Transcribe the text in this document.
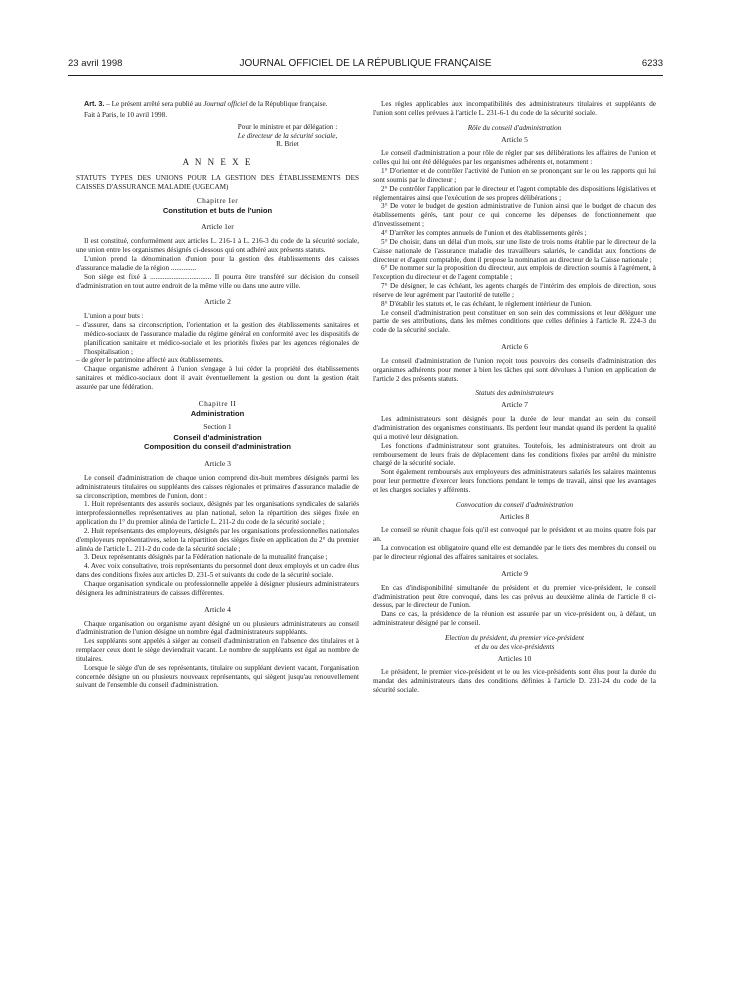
23 avril 1998	JOURNAL OFFICIEL DE LA RÉPUBLIQUE FRANÇAISE	6233

Art. 3. – Le présent arrêté sera publié au Journal officiel de la République française.

Fait à Paris, le 10 avril 1998.

Pour le ministre et par délégation :
Le directeur de la sécurité sociale,
R. Briet
A N N E X E

STATUTS TYPES DES UNIONS POUR LA GESTION DES ÉTABLISSEMENTS DES CAISSES D'ASSURANCE MALADIE (UGECAM)

Chapitre Ier
Constitution et buts de l'union
Article 1er

Il est constitué, conformément aux articles L. 216-1 à L. 216-3 du code de la sécurité sociale, une union entre les organismes désignés ci-dessous qui ont adhéré aux présents statuts.

L'union prend la dénomination d'union pour la gestion des établissements des caisses d'assurance maladie de la région ..............

Son siège est fixé à .................................. Il pourra être transféré sur décision du conseil d'administration en tout autre endroit de la même ville ou dans une autre ville.

Article 2

L'union a pour buts :

– d'assurer, dans sa circonscription, l'orientation et la gestion des établissements sanitaires et médico-sociaux de l'assurance maladie du régime général en conformité avec les dispositifs de planification sanitaire et médico-sociale et les priorités fixées par les agences régionales de l'hospitalisation ;

– de gérer le patrimoine affecté aux établissements.

Chaque organisme adhérent à l'union s'engage à lui céder la propriété des établissements sanitaires et médico-sociaux dont il avait éventuellement la gestion ou dont la gestion était assurée par une fédération.

Chapitre II
Administration
Section 1
Conseil d'administration
Composition du conseil d'administration
Article 3

Le conseil d'administration de chaque union comprend dix-huit membres désignés parmi les administrateurs titulaires ou suppléants des caisses régionales et primaires d'assurance maladie de sa circonscription, membres de l'union, dont :

1. Huit représentants des assurés sociaux, désignés par les organisations syndicales de salariés interprofessionnelles représentatives au plan national, selon la répartition des sièges fixée en application du 1° du premier alinéa de l'article L. 211-2 du code de la sécurité sociale ;

2. Huit représentants des employeurs, désignés par les organisations professionnelles nationales d'employeurs représentatives, selon la répartition des sièges fixée en application du 2° du premier alinéa de l'article L. 211-2 du code de la sécurité sociale ;

3. Deux représentants désignés par la Fédération nationale de la mutualité française ;

4. Avec voix consultative, trois représentants du personnel dont deux employés et un cadre élus dans des conditions fixées aux articles D. 231-5 et suivants du code de la sécurité sociale.

Chaque organisation syndicale ou professionnelle appelée à désigner plusieurs administrateurs désignera les administrateurs de caisses différentes.

Article 4

Chaque organisation ou organisme ayant désigné un ou plusieurs administrateurs au conseil d'administration de l'union désigne un nombre égal d'administrateurs suppléants.

Les suppléants sont appelés à siéger au conseil d'administration en l'absence des titulaires et à remplacer ceux dont le siège deviendrait vacant. Le nombre de suppléants est égal au nombre de titulaires.

Lorsque le siège d'un de ses représentants, titulaire ou suppléant devient vacant, l'organisation concernée désigne un ou plusieurs nouveaux représentants, qui siègent jusqu'au renouvellement suivant de l'ensemble du conseil d'administration.

Les règles applicables aux incompatibilités des administrateurs titulaires et suppléants de l'union sont celles prévues à l'article L. 231-6-1 du code de la sécurité sociale.

Rôle du conseil d'administration
Article 5

Le conseil d'administration a pour rôle de régler par ses délibérations les affaires de l'union et celles qui lui ont été déléguées par les organismes adhérents et, notamment :

1° D'orienter et de contrôler l'activité de l'union en se prononçant sur le ou les rapports qui lui sont soumis par le directeur ;

2° De contrôler l'application par le directeur et l'agent comptable des dispositions législatives et réglementaires ainsi que l'exécution de ses propres délibérations ;

3° De voter le budget de gestion administrative de l'union ainsi que le budget de chacun des établissements gérés, tant pour ce qui concerne les dépenses de fonctionnement que d'investissement ;

4° D'arrêter les comptes annuels de l'union et des établissements gérés ;

5° De choisir, dans un délai d'un mois, sur une liste de trois noms établie par le directeur de la Caisse nationale de l'assurance maladie des travailleurs salariés, le candidat aux fonctions de directeur et d'agent comptable, dont il propose la nomination au directeur de la Caisse nationale ;

6° De nommer sur la proposition du directeur, aux emplois de direction soumis à l'agrément, à l'exception du directeur et de l'agent comptable ;

7° De désigner, le cas échéant, les agents chargés de l'intérim des emplois de direction, sous réserve de leur agrément par l'autorité de tutelle ;

8° D'établir les statuts et, le cas échéant, le règlement intérieur de l'union.

Le conseil d'administration peut constituer en son sein des commissions et leur déléguer une partie de ses attributions, dans les mêmes conditions que celles définies à l'article R. 224-3 du code de la sécurité sociale.

Article 6

Le conseil d'administration de l'union reçoit tous pouvoirs des conseils d'administration des organismes adhérents pour mener à bien les tâches qui sont dévolues à l'union en application de l'article 2 des présents statuts.

Statuts des administrateurs
Article 7

Les administrateurs sont désignés pour la durée de leur mandat au sein du conseil d'administration des organismes constituants. Ils perdent leur mandat quand ils perdent la qualité qui a motivé leur désignation.

Les fonctions d'administrateur sont gratuites. Toutefois, les administrateurs ont droit au remboursement de leurs frais de déplacement dans les conditions fixées par arrêté du ministre chargé de la sécurité sociale.

Sont également remboursés aux employeurs des administrateurs salariés les salaires maintenus pour leur permettre d'exercer leurs fonctions pendant le temps de travail, ainsi que les avantages et les charges sociales y afférents.

Convocation du conseil d'administration
Articles 8

Le conseil se réunit chaque fois qu'il est convoqué par le président et au moins quatre fois par an.

La convocation est obligatoire quand elle est demandée par le tiers des membres du conseil ou par le directeur régional des affaires sanitaires et sociales.

Article 9

En cas d'indisponibilité simultanée du président et du premier vice-président, le conseil d'administration peut être convoqué, dans les cas prévus au deuxième alinéa de l'article 8 ci-dessus, par le directeur de l'union.

Dans ce cas, la présidence de la réunion est assurée par un vice-président ou, à défaut, un administrateur désigné par le conseil.

Election du président, du premier vice-président
et du ou des vice-présidents
Articles 10

Le président, le premier vice-président et le ou les vice-présidents sont élus pour la durée du mandat des administrateurs dans des conditions définies à l'article D. 231-24 du code de la sécurité sociale.
